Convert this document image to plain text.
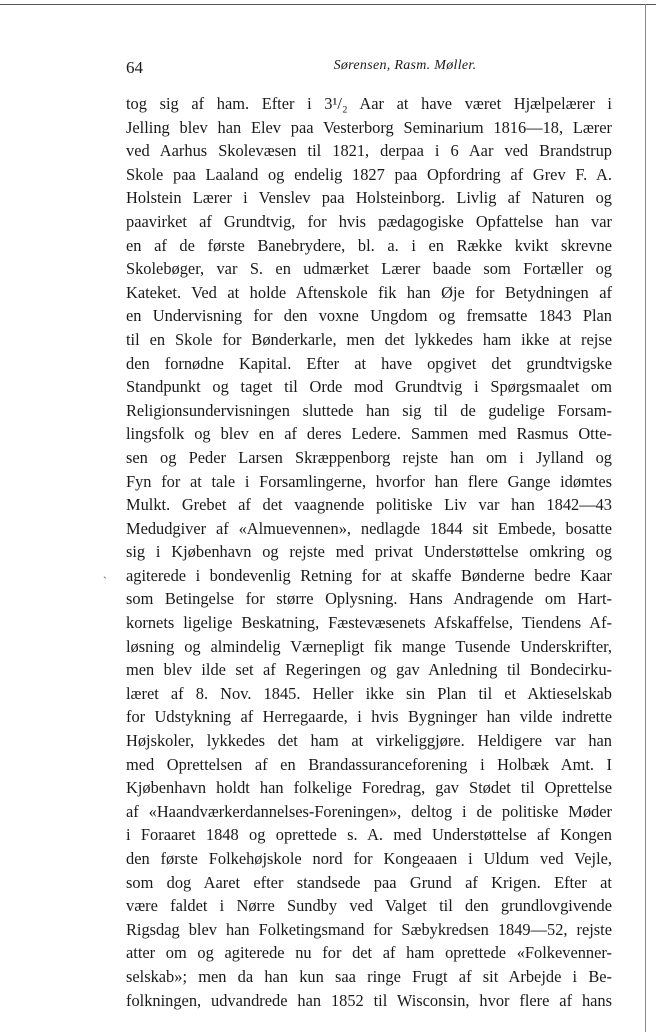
64	Sørensen, Rasm. Møller.
`
tog sig af ham. Efter i 3¹/₂ Aar at have været Hjælpelærer i
Jelling blev han Elev paa Vesterborg Seminarium 1816—18, Lærer
ved Aarhus Skolevæsen til 1821, derpaa i 6 Aar ved Brandstrup
Skole paa Laaland og endelig 1827 paa Opfordring af Grev F. A.
Holstein Lærer i Venslev paa Holsteinborg. Livlig af Naturen og
paavirket af Grundtvig, for hvis pædagogiske Opfattelse han var
en af de første Banebrydere, bl. a. i en Række kvikt skrevne
Skolebøger, var S. en udmærket Lærer baade som Fortæller og
Kateket. Ved at holde Aftenskole fik han Øje for Betydningen af
en Undervisning for den voxne Ungdom og fremsatte 1843 Plan
til en Skole for Bønderkarle, men det lykkedes ham ikke at rejse
den fornødne Kapital. Efter at have opgivet det grundtvigske
Standpunkt og taget til Orde mod Grundtvig i Spørgsmaalet om
Religionsundervisningen sluttede han sig til de gudelige Forsam-
lingsfolk og blev en af deres Ledere. Sammen med Rasmus Otte-
sen og Peder Larsen Skræppenborg rejste han om i Jylland og
Fyn for at tale i Forsamlingerne, hvorfor han flere Gange idømtes
Mulkt. Grebet af det vaagnende politiske Liv var han 1842—43
Medudgiver af «Almuevennen», nedlagde 1844 sit Embede, bosatte
sig i Kjøbenhavn og rejste med privat Understøttelse omkring og
agiterede i bondevenlig Retning for at skaffe Bønderne bedre Kaar
som Betingelse for større Oplysning. Hans Andragende om Hart-
kornets ligelige Beskatning, Fæstevæsenets Afskaffelse, Tiendens Af-
løsning og almindelig Værnepligt fik mange Tusende Underskrifter,
men blev ilde set af Regeringen og gav Anledning til Bondecirku-
læret af 8. Nov. 1845. Heller ikke sin Plan til et Aktieselskab
for Udstykning af Herregaarde, i hvis Bygninger han vilde indrette
Højskoler, lykkedes det ham at virkeliggjøre. Heldigere var han
med Oprettelsen af en Brandassuranceforening i Holbæk Amt. I
Kjøbenhavn holdt han folkelige Foredrag, gav Stødet til Oprettelse
af «Haandværkerdannelses-Foreningen», deltog i de politiske Møder
i Foraaret 1848 og oprettede s. A. med Understøttelse af Kongen
den første Folkehøjskole nord for Kongeaaen i Uldum ved Vejle,
som dog Aaret efter standsede paa Grund af Krigen. Efter at
være faldet i Nørre Sundby ved Valget til den grundlovgivende
Rigsdag blev han Folketingsmand for Sæbykredsen 1849—52, rejste
atter om og agiterede nu for det af ham oprettede «Folkevenner-
selskab»; men da han kun saa ringe Frugt af sit Arbejde i Be-
folkningen, udvandrede han 1852 til Wisconsin, hvor flere af hans
